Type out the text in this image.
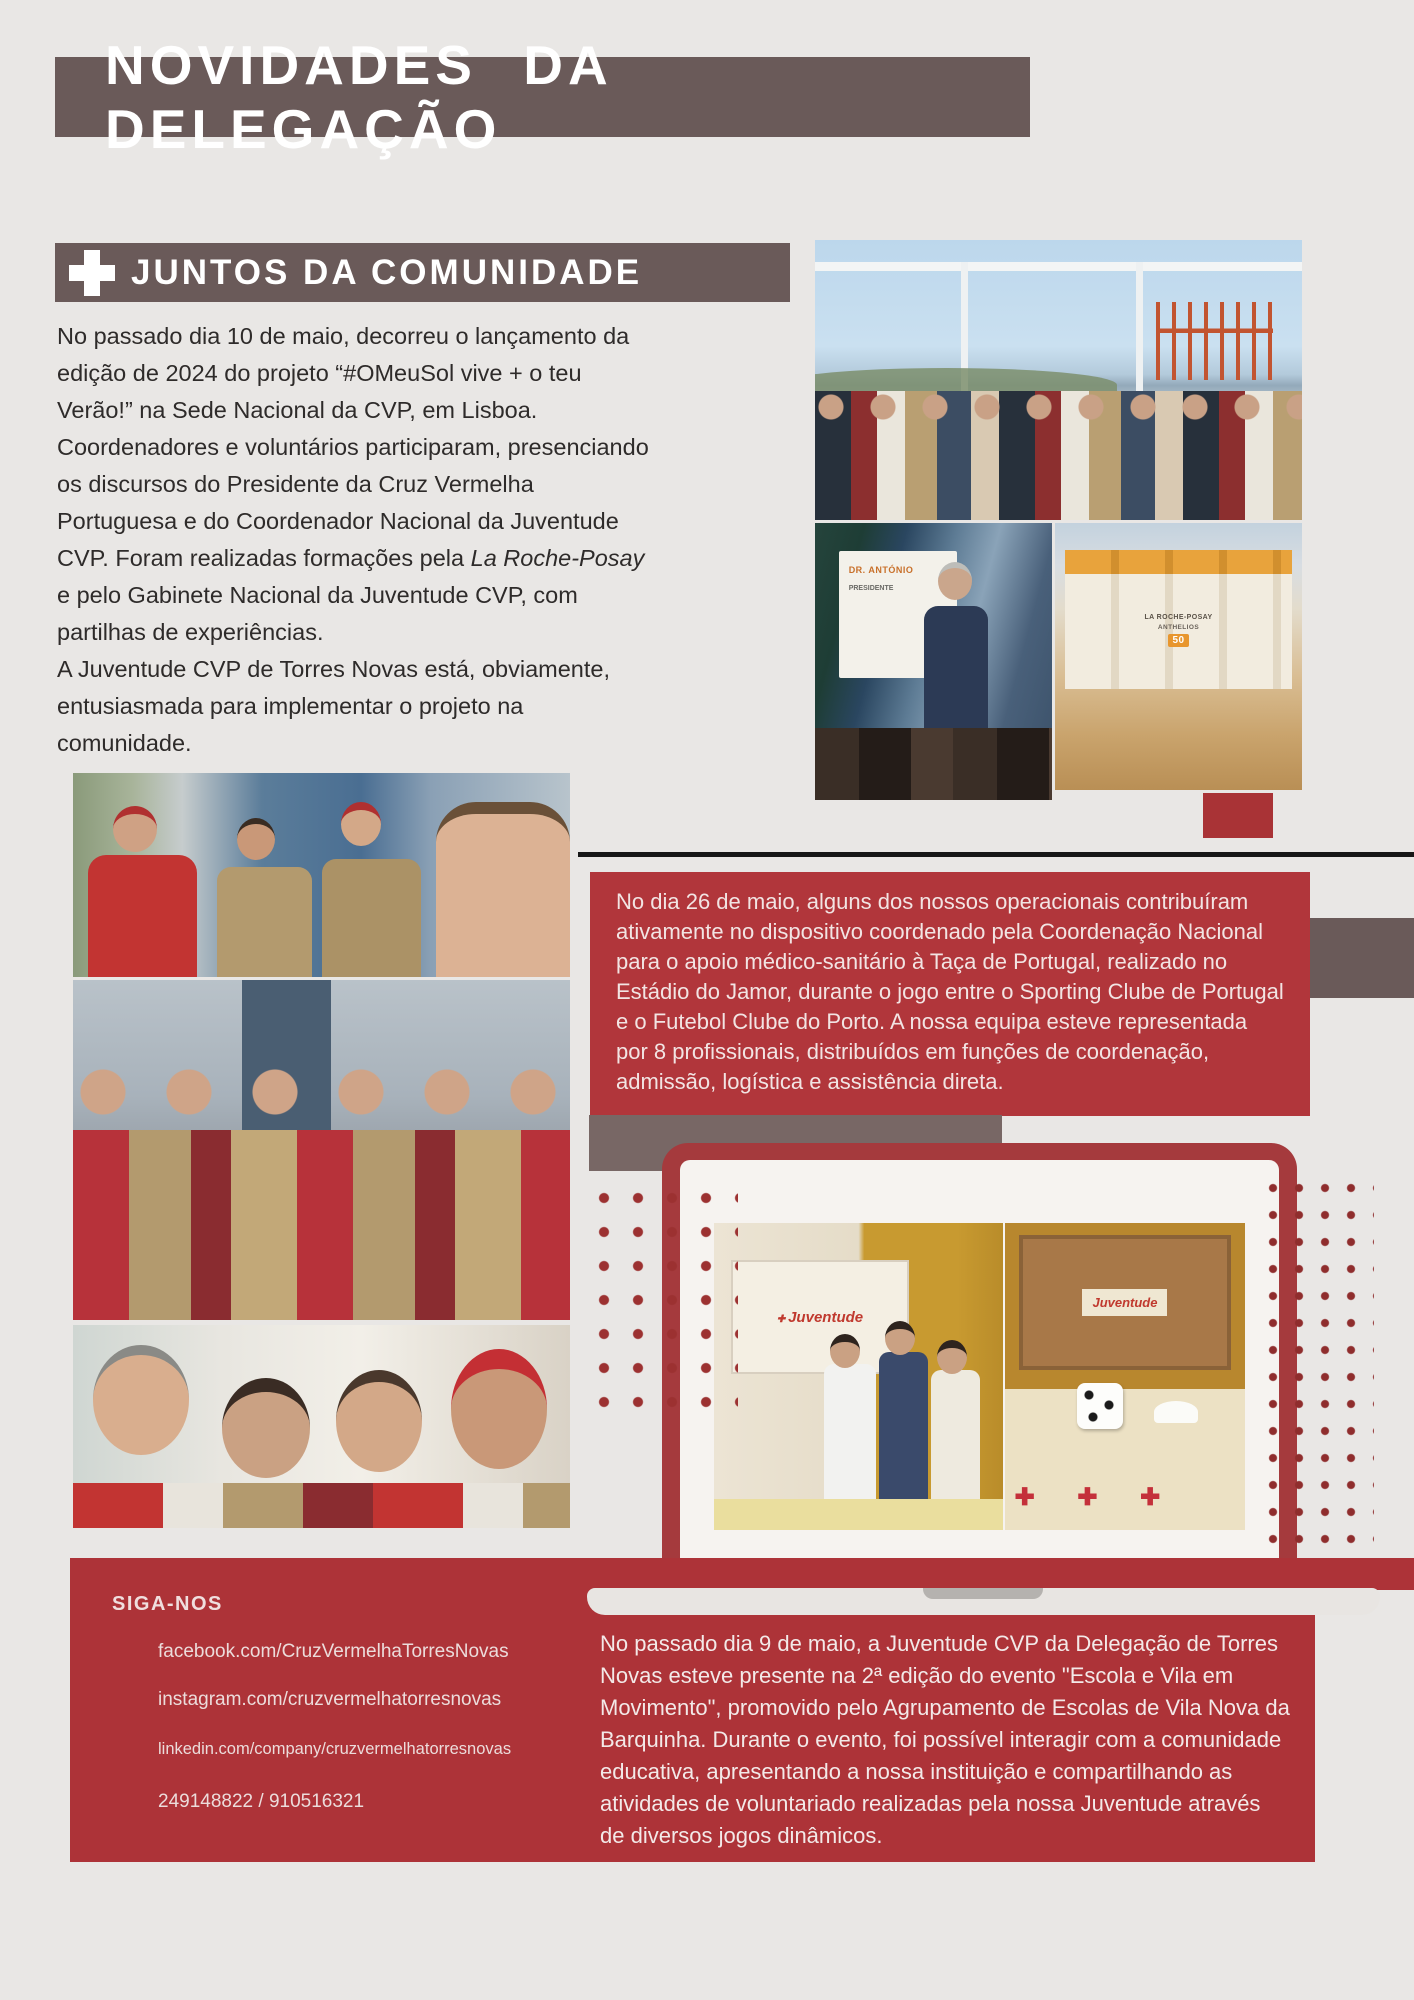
NOVIDADES DA DELEGAÇÃO
JUNTOS DA COMUNIDADE
No passado dia 10 de maio, decorreu o lançamento da edição de 2024 do projeto “#OMeuSol vive + o teu Verão!” na Sede Nacional da CVP, em Lisboa. Coordenadores e voluntários participaram, presenciando os discursos do Presidente da Cruz Vermelha Portuguesa e do Coordenador Nacional da Juventude CVP. Foram realizadas formações pela La Roche-Posay e pelo Gabinete Nacional da Juventude CVP, com partilhas de experiências.
A Juventude CVP de Torres Novas está, obviamente, entusiasmada para implementar o projeto na comunidade.
DR. ANTÓNIO
PRESIDENTE
LA ROCHE-POSAY
ANTHELIOS
50
No dia 26 de maio, alguns dos nossos operacionais contribuíram ativamente no dispositivo coordenado pela Coordenação Nacional para o apoio médico-sanitário à Taça de Portugal, realizado no Estádio do Jamor, durante o jogo entre o Sporting Clube de Portugal e o Futebol Clube do Porto. A nossa equipa esteve representada por 8 profissionais, distribuídos em funções de coordenação, admissão, logística e assistência direta.
✚ Juventude
Juventude
✚ ✚ ✚
SIGA-NOS
facebook.com/CruzVermelhaTorresNovas
instagram.com/cruzvermelhatorresnovas
linkedin.com/company/cruzvermelhatorresnovas
249148822 / 910516321
No passado dia 9 de maio, a Juventude CVP da Delegação de Torres Novas esteve presente na 2ª edição do evento "Escola e Vila em Movimento", promovido pelo Agrupamento de Escolas de Vila Nova da Barquinha. Durante o evento, foi possível interagir com a comunidade educativa, apresentando a nossa instituição e compartilhando as atividades de voluntariado realizadas pela nossa Juventude através de diversos jogos dinâmicos.
